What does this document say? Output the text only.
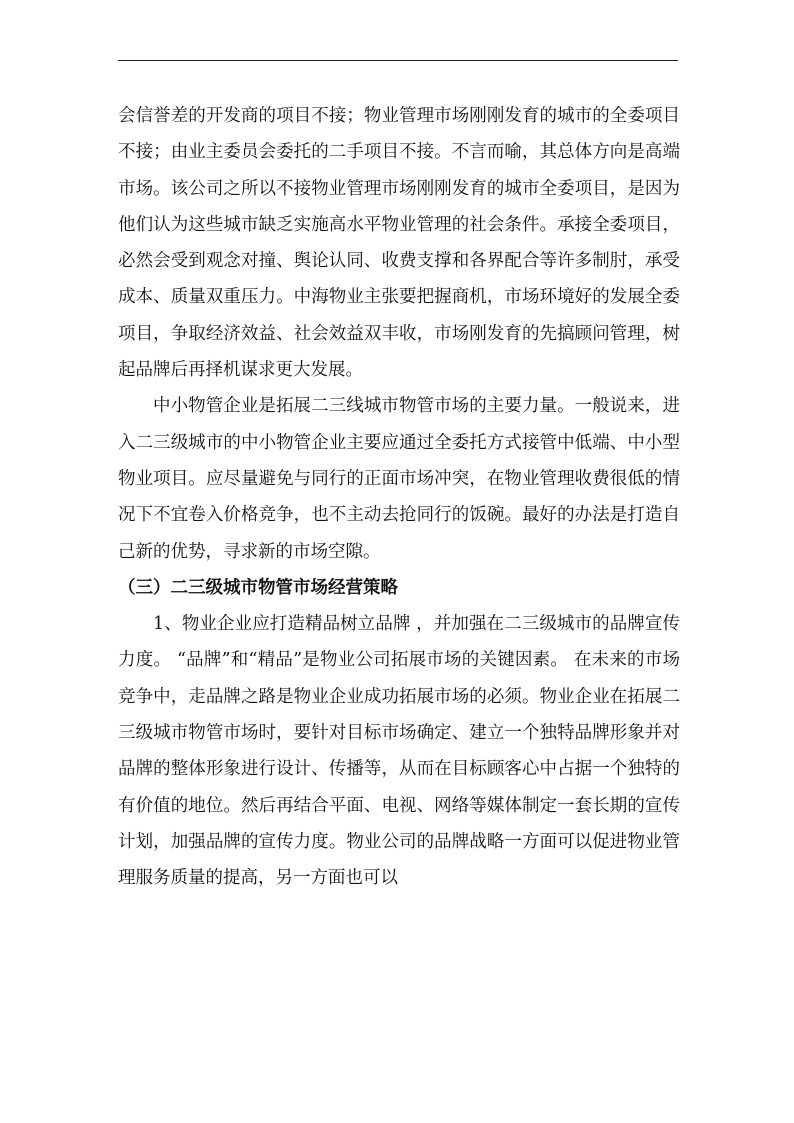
会信誉差的开发商的项目不接；物业管理市场刚刚发育的城市的全委项目不接；由业主委员会委托的二手项目不接。不言而喻，其总体方向是高端市场。该公司之所以不接物业管理市场刚刚发育的城市全委项目，是因为他们认为这些城市缺乏实施高水平物业管理的社会条件。承接全委项目，必然会受到观念对撞、舆论认同、收费支撑和各界配合等许多制肘，承受成本、质量双重压力。中海物业主张要把握商机，市场环境好的发展全委项目，争取经济效益、社会效益双丰收，市场刚发育的先搞顾问管理，树起品牌后再择机谋求更大发展。

中小物管企业是拓展二三线城市物管市场的主要力量。一般说来，进入二三级城市的中小物管企业主要应通过全委托方式接管中低端、中小型物业项目。应尽量避免与同行的正面市场冲突，在物业管理收费很低的情况下不宜卷入价格竞争，也不主动去抢同行的饭碗。最好的办法是打造自己新的优势，寻求新的市场空隙。

（三）二三级城市物管市场经营策略

1、物业企业应打造精品树立品牌 ，并加强在二三级城市的品牌宣传力度。 “品牌”和“精品”是物业公司拓展市场的关键因素。 在未来的市场竞争中，走品牌之路是物业企业成功拓展市场的必须。物业企业在拓展二三级城市物管市场时，要针对目标市场确定、建立一个独特品牌形象并对品牌的整体形象进行设计、传播等，从而在目标顾客心中占据一个独特的有价值的地位。然后再结合平面、电视、网络等媒体制定一套长期的宣传计划，加强品牌的宣传力度。物业公司的品牌战略一方面可以促进物业管理服务质量的提高，另一方面也可以
